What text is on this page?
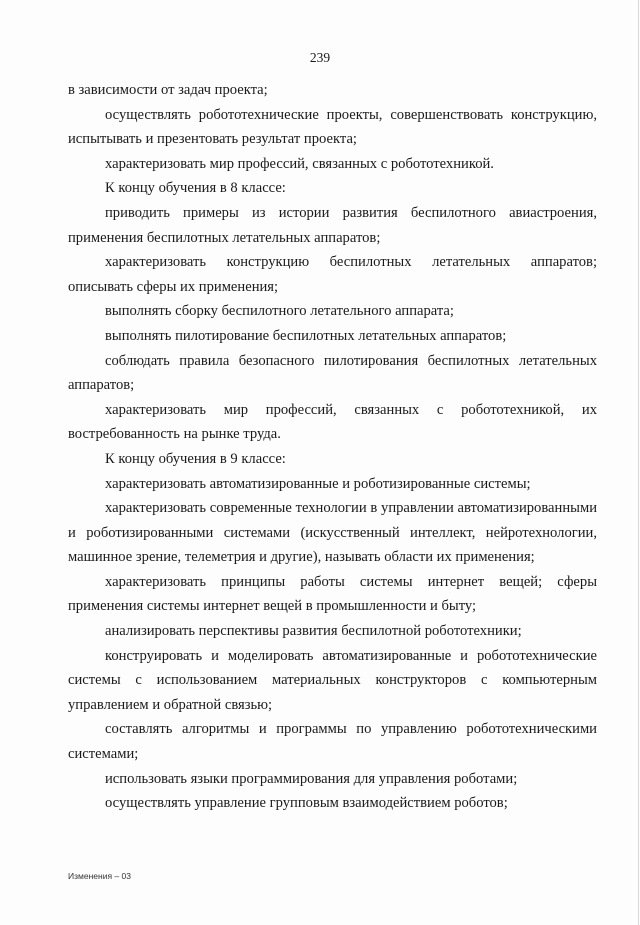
239

в зависимости от задач проекта;

осуществлять робототехнические проекты, совершенствовать конструкцию, испытывать и презентовать результат проекта;

характеризовать мир профессий, связанных с робототехникой.

К концу обучения в 8 классе:

приводить примеры из истории развития беспилотного авиастроения, применения беспилотных летательных аппаратов;

характеризовать конструкцию беспилотных летательных аппаратов; описывать сферы их применения;

выполнять сборку беспилотного летательного аппарата;

выполнять пилотирование беспилотных летательных аппаратов;

соблюдать правила безопасного пилотирования беспилотных летательных аппаратов;

характеризовать мир профессий, связанных с робототехникой, их востребованность на рынке труда.

К концу обучения в 9 классе:

характеризовать автоматизированные и роботизированные системы;

характеризовать современные технологии в управлении автоматизированными и роботизированными системами (искусственный интеллект, нейротехнологии, машинное зрение, телеметрия и другие), называть области их применения;

характеризовать принципы работы системы интернет вещей; сферы применения системы интернет вещей в промышленности и быту;

анализировать перспективы развития беспилотной робототехники;

конструировать и моделировать автоматизированные и робототехнические системы с использованием материальных конструкторов с компьютерным управлением и обратной связью;

составлять алгоритмы и программы по управлению робототехническими системами;

использовать языки программирования для управления роботами;

осуществлять управление групповым взаимодействием роботов;

Изменения – 03
